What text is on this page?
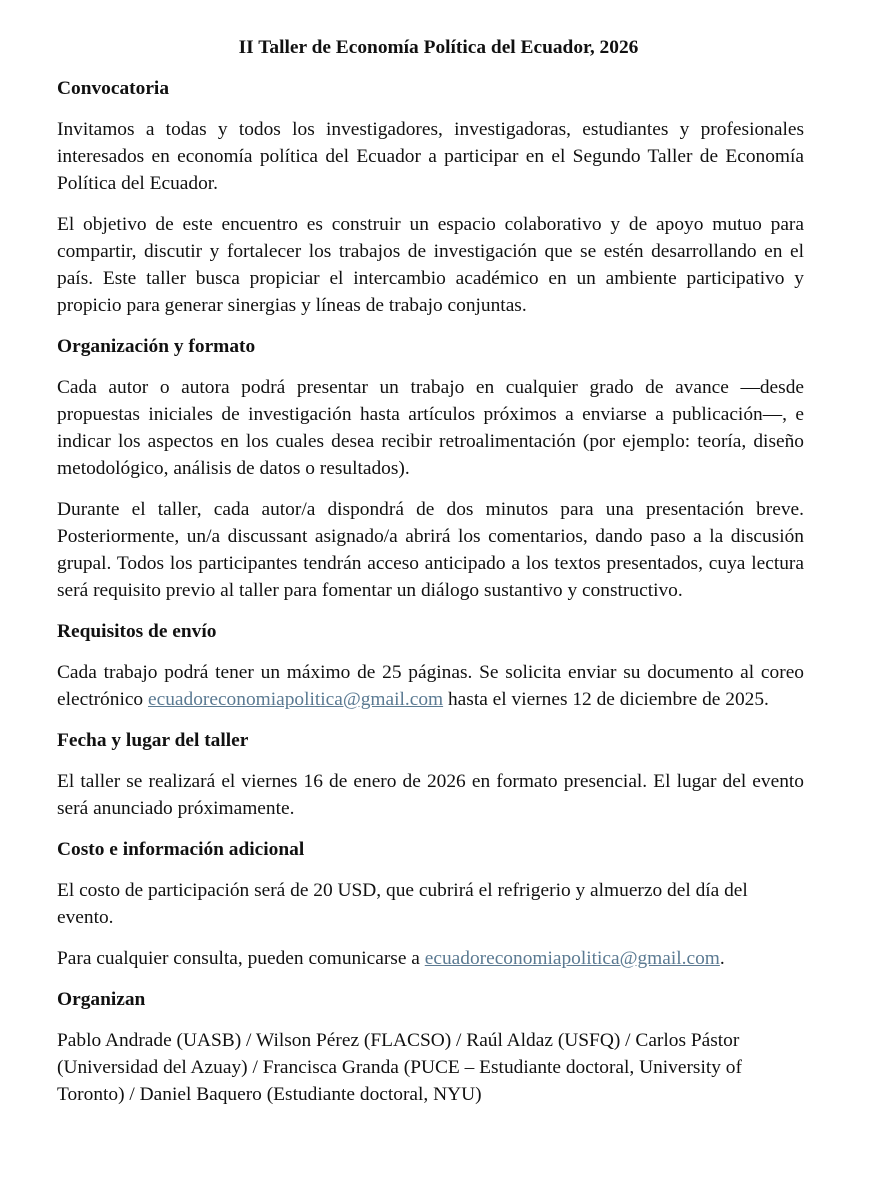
II Taller de Economía Política del Ecuador, 2026
Convocatoria

Invitamos a todas y todos los investigadores, investigadoras, estudiantes y profesionales interesados en economía política del Ecuador a participar en el Segundo Taller de Economía Política del Ecuador.

El objetivo de este encuentro es construir un espacio colaborativo y de apoyo mutuo para compartir, discutir y fortalecer los trabajos de investigación que se estén desarrollando en el país. Este taller busca propiciar el intercambio académico en un ambiente participativo y propicio para generar sinergias y líneas de trabajo conjuntas.

Organización y formato

Cada autor o autora podrá presentar un trabajo en cualquier grado de avance —desde propuestas iniciales de investigación hasta artículos próximos a enviarse a publicación—, e indicar los aspectos en los cuales desea recibir retroalimentación (por ejemplo: teoría, diseño metodológico, análisis de datos o resultados).

Durante el taller, cada autor/a dispondrá de dos minutos para una presentación breve. Posteriormente, un/a discussant asignado/a abrirá los comentarios, dando paso a la discusión grupal. Todos los participantes tendrán acceso anticipado a los textos presentados, cuya lectura será requisito previo al taller para fomentar un diálogo sustantivo y constructivo.

Requisitos de envío

Cada trabajo podrá tener un máximo de 25 páginas. Se solicita enviar su documento al coreo electrónico ecuadoreconomiapolitica@gmail.com hasta el viernes 12 de diciembre de 2025.

Fecha y lugar del taller

El taller se realizará el viernes 16 de enero de 2026 en formato presencial. El lugar del evento será anunciado próximamente.

Costo e información adicional

El costo de participación será de 20 USD, que cubrirá el refrigerio y almuerzo del día del evento.

Para cualquier consulta, pueden comunicarse a ecuadoreconomiapolitica@gmail.com.

Organizan

Pablo Andrade (UASB) / Wilson Pérez (FLACSO) / Raúl Aldaz (USFQ) / Carlos Pástor (Universidad del Azuay) / Francisca Granda (PUCE – Estudiante doctoral, University of Toronto) / Daniel Baquero (Estudiante doctoral, NYU)
